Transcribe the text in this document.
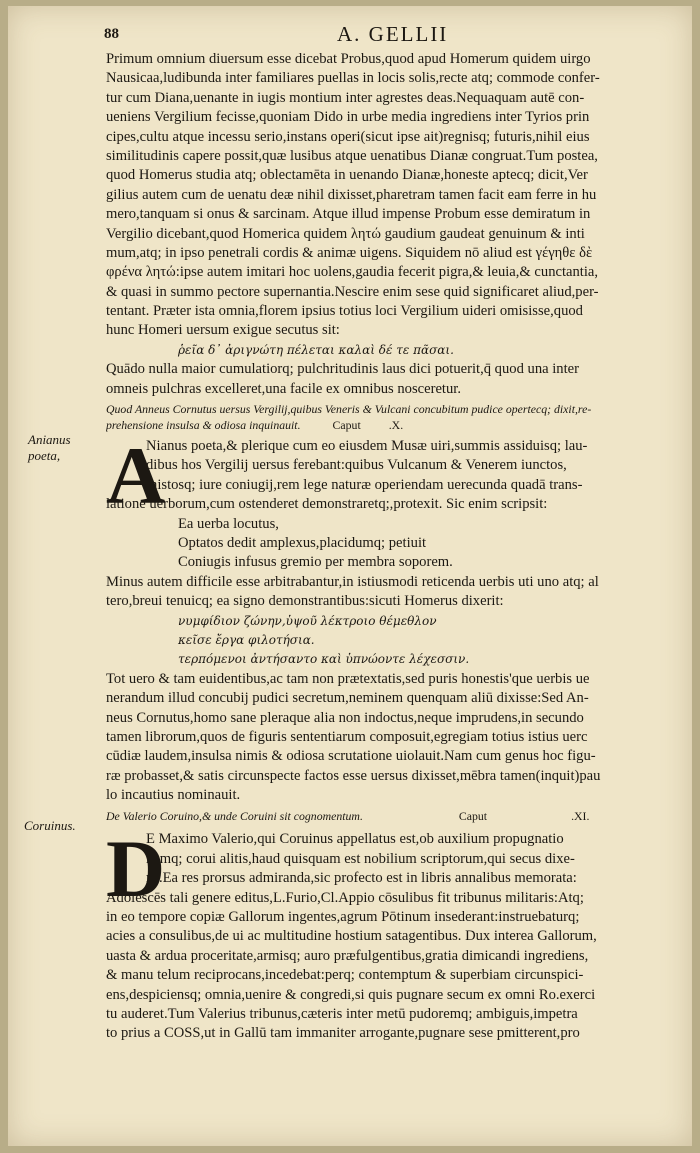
88	A. GELLII
Anianus poeta,
Coruinus.
Primum omnium diuersum esse dicebat Probus,quod apud Homerum quidem uirgo
Nausicaa,ludibunda inter familiares puellas in locis solis,recte atq; commode confer-
tur cum Diana,uenante in iugis montium inter agrestes deas.Nequaquam autē con-
ueniens Vergilium fecisse,quoniam Dido in urbe media ingrediens inter Tyrios prin
cipes,cultu atque incessu serio,instans operi(sicut ipse ait)regnisq; futuris,nihil eius
similitudinis capere possit,quæ lusibus atque uenatibus Dianæ congruat.Tum postea,
quod Homerus studia atq; oblectamēta in uenando Dianæ,honeste aptecq; dicit,Ver
gilius autem cum de uenatu deæ nihil dixisset,pharetram tamen facit eam ferre in hu
mero,tanquam si onus & sarcinam. Atque illud impense Probum esse demiratum in
Vergilio dicebant,quod Homerica quidem λητώ gaudium gaudeat genuinum & inti
mum,atq; in ipso penetrali cordis & animæ uigens. Siquidem nō aliud est γέγηθε δὲ
φρένα λητώ:ipse autem imitari hoc uolens,gaudia fecerit pigra,& leuia,& cunctantia,
& quasi in summo pectore supernantia.Nescire enim sese quid significaret aliud,per-
tentant. Præter ista omnia,florem ipsius totius loci Vergilium uideri omisisse,quod
hunc Homeri uersum exigue secutus sit:
ῥεῖα δ᾽ ἀριγνώτη πέλεται καλαὶ δέ τε πᾶσαι.
Quādo nulla maior cumulatiorq; pulchritudinis laus dici potuerit,q̄ quod una inter
omneis pulchras excelleret,una facile ex omnibus nosceretur.
Quod Anneus Cornutus uersus Vergilij,quibus Veneris & Vulcani concubitum pudice opertecq; dixit,re-
prehensione insulsa & odiosa inquinauit.	Caput .X.
A
Nianus poeta,& plerique cum eo eiusdem Musæ uiri,summis assiduisq; lau-
dibus hos Vergilij uersus ferebant:quibus Vulcanum & Venerem iunctos,
mistosq; iure coniugij,rem lege naturæ operiendam uerecunda quadā trans-
latione uerborum,cum ostenderet demonstraretq;,protexit. Sic enim scripsit:
Ea uerba locutus,
Optatos dedit amplexus,placidumq; petiuit
Coniugis infusus gremio per membra soporem.
Minus autem difficile esse arbitrabantur,in istiusmodi reticenda uerbis uti uno atq; al
tero,breui tenuicq; ea signo demonstrantibus:sicuti Homerus dixerit:
νυμφίδιον ζώνην,ὑψοῦ λέκτροιο θέμεθλον
κεῖσε ἔργα φιλοτήσια.
τερπόμενοι ἀντήσαντο καὶ ὑπνώοντε λέχεσσιν.
Tot uero & tam euidentibus,ac tam non prætextatis,sed puris honestis'que uerbis ue
nerandum illud concubij pudici secretum,neminem quenquam aliū dixisse:Sed An-
neus Cornutus,homo sane pleraque alia non indoctus,neque imprudens,in secundo
tamen librorum,quos de figuris sententiarum composuit,egregiam totius istius uerc
cūdiæ laudem,insulsa nimis & odiosa scrutatione uiolauit.Nam cum genus hoc figu-
ræ probasset,& satis circunspecte factos esse uersus dixisset,mēbra tamen(inquit)pau
lo incautius nominauit.
De Valerio Coruino,& unde Coruini sit cognomentum.	Caput	.XI.
D
E Maximo Valerio,qui Coruinus appellatus est,ob auxilium propugnatio
nemq; corui alitis,haud quisquam est nobilium scriptorum,qui secus dixe-
rit.Ea res prorsus admiranda,sic profecto est in libris annalibus memorata:
Adolescēs tali genere editus,L.Furio,Cl.Appio cōsulibus fit tribunus militaris:Atq;
in eo tempore copiæ Gallorum ingentes,agrum Pōtinum insederant:instruebaturq;
acies a consulibus,de ui ac multitudine hostium satagentibus. Dux interea Gallorum,
uasta & ardua proceritate,armisq; auro præfulgentibus,gratia dimicandi ingrediens,
& manu telum reciprocans,incedebat:perq; contemptum & superbiam circunspici-
ens,despiciensq; omnia,uenire & congredi,si quis pugnare secum ex omni Ro.exerci
tu auderet.Tum Valerius tribunus,cæteris inter metū pudoremq; ambiguis,impetra
to prius a COSS,ut in Gallū tam immaniter arrogante,pugnare sese pmitterent,pro
